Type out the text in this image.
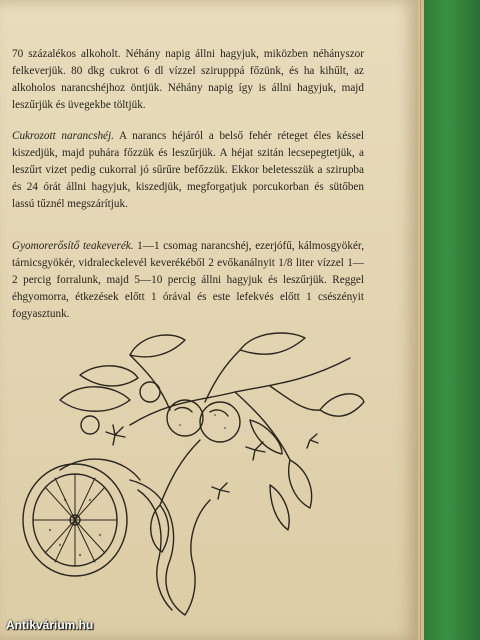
70 százalékos alkoholt. Néhány napig állni hagyjuk, miközben néhányszor felkeverjük. 80 dkg cukrot 6 dl vízzel szirupppá főzünk, és ha kihűlt, az alkoholos narancshéjhoz öntjük. Néhány napig így is állni hagyjuk, majd leszűrjük és üvegekbe töltjük.

Cukrozott narancshéj. A narancs héjáról a belső fehér réteget éles késsel kiszedjük, majd puhára főzzük és leszűrjük. A héjat szitán lecsepegtetjük, a leszűrt vizet pedig cukorral jó sűrűre befőzzük. Ekkor beletesszük a szirupba és 24 órát állni hagyjuk, kiszedjük, megforgatjuk porcukorban és sütőben lassú tűznél megszárítjuk.

Gyomorerősítő teakeverék. 1—1 csomag narancshéj, ezerjófű, kálmosgyökér, tárnicsgyökér, vidraleckelevél keverékéből 2 evőkanálnyit 1/8 liter vízzel 1—2 percig forralunk, majd 5—10 percig állni hagyjuk és leszűrjük. Reggel éhgyomorra, étkezések előtt 1 órával és este lefekvés előtt 1 csészényit fogyasztunk.

Antikvárium.hu
